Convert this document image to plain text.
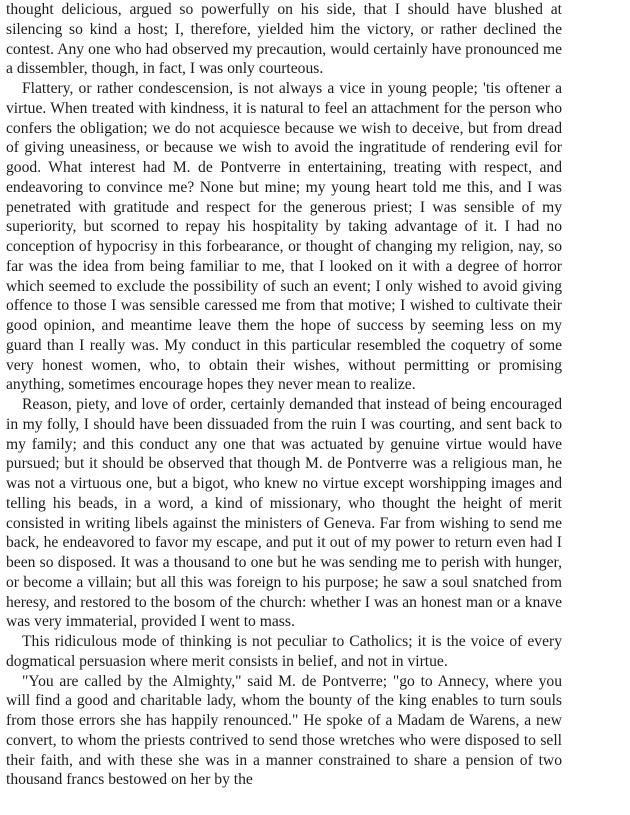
thought delicious, argued so powerfully on his side, that I should have blushed at silencing so kind a host; I, therefore, yielded him the victory, or rather declined the contest. Any one who had observed my precaution, would certainly have pronounced me a dissembler, though, in fact, I was only courteous.

Flattery, or rather condescension, is not always a vice in young people; 'tis oftener a virtue. When treated with kindness, it is natural to feel an attachment for the person who confers the obligation; we do not acquiesce because we wish to deceive, but from dread of giving uneasiness, or because we wish to avoid the ingratitude of rendering evil for good. What interest had M. de Pontverre in entertaining, treating with respect, and endeavoring to convince me? None but mine; my young heart told me this, and I was penetrated with gratitude and respect for the generous priest; I was sensible of my superiority, but scorned to repay his hospitality by taking advantage of it. I had no conception of hypocrisy in this forbearance, or thought of changing my religion, nay, so far was the idea from being familiar to me, that I looked on it with a degree of horror which seemed to exclude the possibility of such an event; I only wished to avoid giving offence to those I was sensible caressed me from that motive; I wished to cultivate their good opinion, and meantime leave them the hope of success by seeming less on my guard than I really was. My conduct in this particular resembled the coquetry of some very honest women, who, to obtain their wishes, without permitting or promising anything, sometimes encourage hopes they never mean to realize.

Reason, piety, and love of order, certainly demanded that instead of being encouraged in my folly, I should have been dissuaded from the ruin I was courting, and sent back to my family; and this conduct any one that was actuated by genuine virtue would have pursued; but it should be observed that though M. de Pontverre was a religious man, he was not a virtuous one, but a bigot, who knew no virtue except worshipping images and telling his beads, in a word, a kind of missionary, who thought the height of merit consisted in writing libels against the ministers of Geneva. Far from wishing to send me back, he endeavored to favor my escape, and put it out of my power to return even had I been so disposed. It was a thousand to one but he was sending me to perish with hunger, or become a villain; but all this was foreign to his purpose; he saw a soul snatched from heresy, and restored to the bosom of the church: whether I was an honest man or a knave was very immaterial, provided I went to mass.

This ridiculous mode of thinking is not peculiar to Catholics; it is the voice of every dogmatical persuasion where merit consists in belief, and not in virtue.

"You are called by the Almighty," said M. de Pontverre; "go to Annecy, where you will find a good and charitable lady, whom the bounty of the king enables to turn souls from those errors she has happily renounced." He spoke of a Madam de Warens, a new convert, to whom the priests contrived to send those wretches who were disposed to sell their faith, and with these she was in a manner constrained to share a pension of two thousand francs bestowed on her by the
